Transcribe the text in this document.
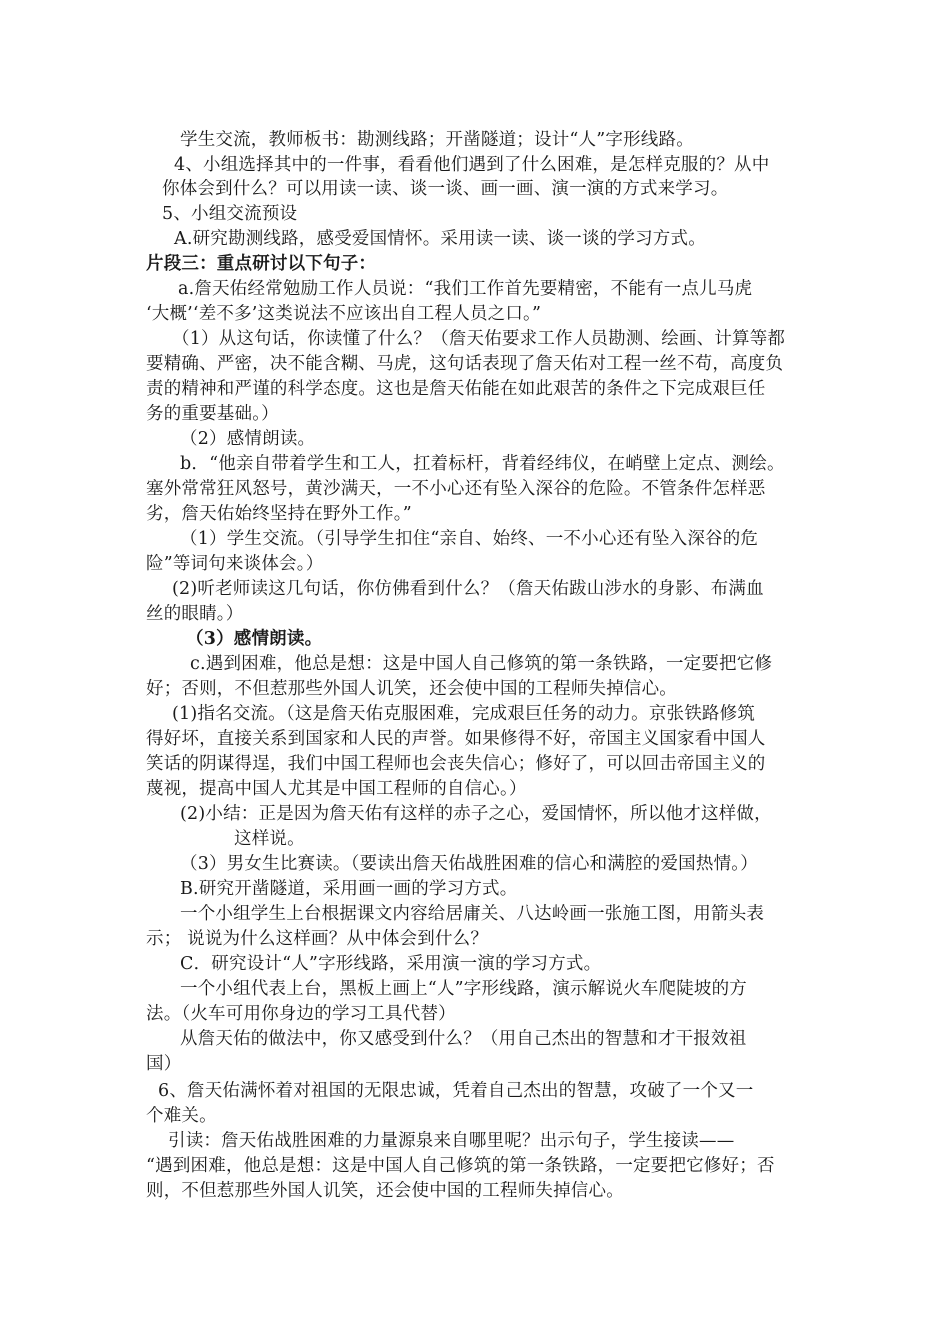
学生交流，教师板书：勘测线路；开凿隧道；设计“人”字形线路。
4、小组选择其中的一件事，看看他们遇到了什么困难，是怎样克服的？从中
你体会到什么？可以用读一读、谈一谈、画一画、演一演的方式来学习。
5、小组交流预设
A.研究勘测线路，感受爱国情怀。采用读一读、谈一谈的学习方式。
片段三：重点研讨以下句子：
a.詹天佑经常勉励工作人员说：“我们工作首先要精密，不能有一点儿马虎
‘大概’‘差不多’这类说法不应该出自工程人员之口。”
（1）从这句话，你读懂了什么？（詹天佑要求工作人员勘测、绘画、计算等都
要精确、严密，决不能含糊、马虎，这句话表现了詹天佑对工程一丝不苟，高度负
责的精神和严谨的科学态度。这也是詹天佑能在如此艰苦的条件之下完成艰巨任
务的重要基础。）
（2）感情朗读。
b．“他亲自带着学生和工人，扛着标杆，背着经纬仪，在峭壁上定点、测绘。
塞外常常狂风怒号，黄沙满天，一不小心还有坠入深谷的危险。不管条件怎样恶
劣，詹天佑始终坚持在野外工作。”
（1）学生交流。（引导学生扣住“亲自、始终、一不小心还有坠入深谷的危
险”等词句来谈体会。）
(2)听老师读这几句话，你仿佛看到什么？（詹天佑跋山涉水的身影、布满血
丝的眼睛。）
（3）感情朗读。
c.遇到困难，他总是想：这是中国人自己修筑的第一条铁路，一定要把它修
好；否则，不但惹那些外国人讥笑，还会使中国的工程师失掉信心。
(1)指名交流。（这是詹天佑克服困难，完成艰巨任务的动力。京张铁路修筑
得好坏，直接关系到国家和人民的声誉。如果修得不好，帝国主义国家看中国人
笑话的阴谋得逞，我们中国工程师也会丧失信心；修好了，可以回击帝国主义的
蔑视，提高中国人尤其是中国工程师的自信心。）
(2)小结：正是因为詹天佑有这样的赤子之心，爱国情怀，所以他才这样做，
这样说。
（3）男女生比赛读。（要读出詹天佑战胜困难的信心和满腔的爱国热情。）
B.研究开凿隧道，采用画一画的学习方式。
一个小组学生上台根据课文内容给居庸关、八达岭画一张施工图，用箭头表
示； 说说为什么这样画？从中体会到什么？
C．研究设计“人”字形线路，采用演一演的学习方式。
一个小组代表上台，黑板上画上“人”字形线路，演示解说火车爬陡坡的方
法。（火车可用你身边的学习工具代替）
从詹天佑的做法中，你又感受到什么？（用自己杰出的智慧和才干报效祖
国）
6、詹天佑满怀着对祖国的无限忠诚，凭着自己杰出的智慧，攻破了一个又一
个难关。
引读：詹天佑战胜困难的力量源泉来自哪里呢？出示句子，学生接读——
“遇到困难，他总是想：这是中国人自己修筑的第一条铁路，一定要把它修好；否
则，不但惹那些外国人讥笑，还会使中国的工程师失掉信心。
